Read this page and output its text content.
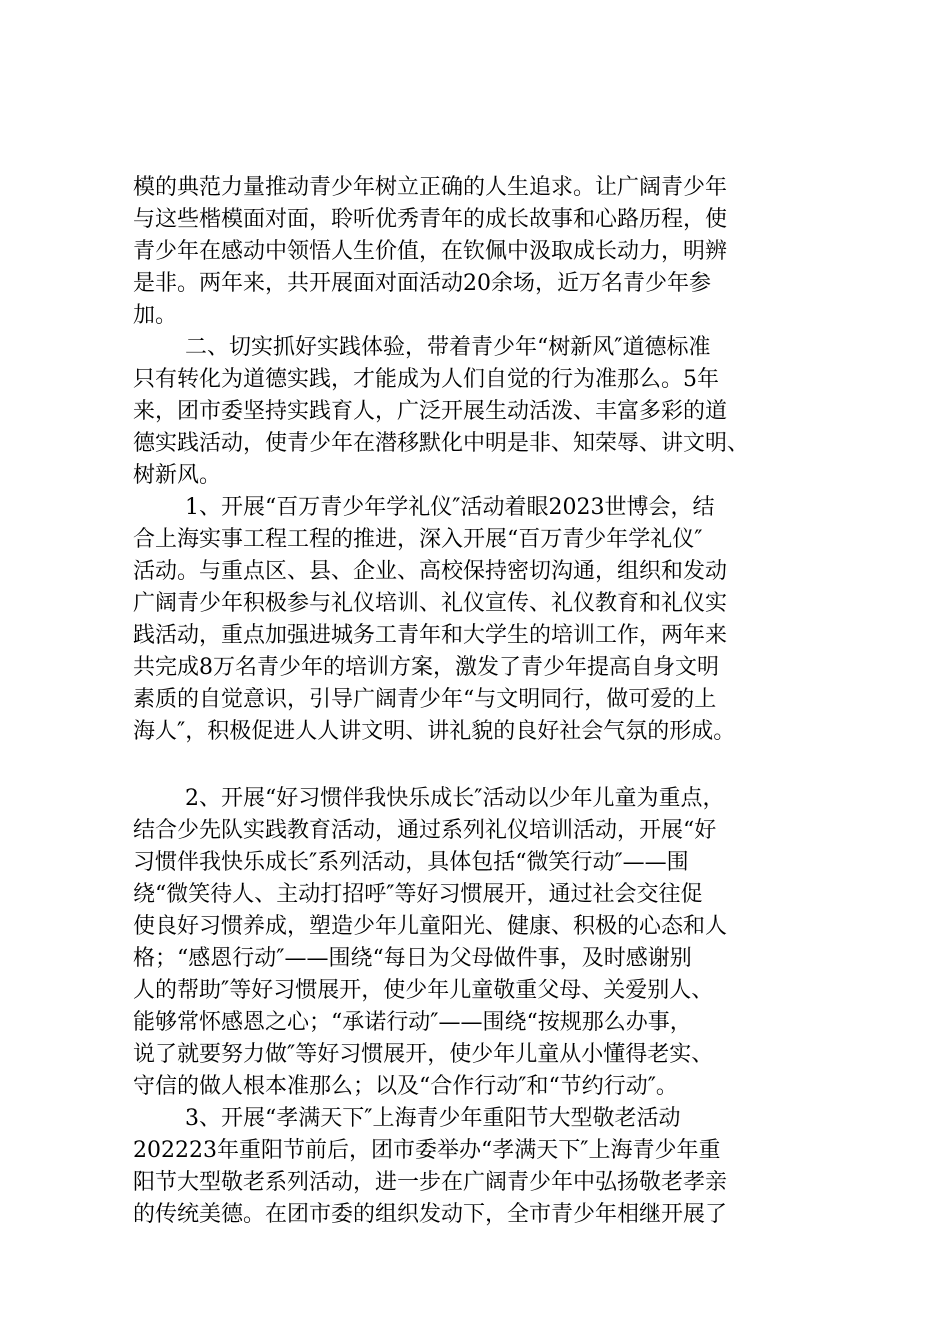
模的典范力量推动青少年树立正确的人生追求。让广阔青少年
与这些楷模面对面，聆听优秀青年的成长故事和心路历程，使
青少年在感动中领悟人生价值，在钦佩中汲取成长动力，明辨
是非。两年来，共开展面对面活动20余场，近万名青少年参
加。
二、切实抓好实践体验，带着青少年“树新风″道德标准
只有转化为道德实践，才能成为人们自觉的行为准那么。5年
来，团市委坚持实践育人，广泛开展生动活泼、丰富多彩的道
德实践活动，使青少年在潜移默化中明是非、知荣辱、讲文明、
树新风。
1、开展“百万青少年学礼仪″活动着眼2023世博会，结
合上海实事工程工程的推进，深入开展“百万青少年学礼仪″
活动。与重点区、县、企业、高校保持密切沟通，组织和发动
广阔青少年积极参与礼仪培训、礼仪宣传、礼仪教育和礼仪实
践活动，重点加强进城务工青年和大学生的培训工作，两年来
共完成8万名青少年的培训方案，激发了青少年提高自身文明
素质的自觉意识，引导广阔青少年“与文明同行，做可爱的上
海人″，积极促进人人讲文明、讲礼貌的良好社会气氛的形成。
2、开展“好习惯伴我快乐成长″活动以少年儿童为重点，
结合少先队实践教育活动，通过系列礼仪培训活动，开展“好
习惯伴我快乐成长″系列活动，具体包括“微笑行动″——围
绕“微笑待人、主动打招呼″等好习惯展开，通过社会交往促
使良好习惯养成，塑造少年儿童阳光、健康、积极的心态和人
格；“感恩行动″——围绕“每日为父母做件事，及时感谢别
人的帮助″等好习惯展开，使少年儿童敬重父母、关爱别人、
能够常怀感恩之心；“承诺行动″——围绕“按规那么办事，
说了就要努力做″等好习惯展开，使少年儿童从小懂得老实、
守信的做人根本准那么；以及“合作行动″和“节约行动″。
3、开展“孝满天下″上海青少年重阳节大型敬老活动
202223年重阳节前后，团市委举办“孝满天下″上海青少年重
阳节大型敬老系列活动，进一步在广阔青少年中弘扬敬老孝亲
的传统美德。在团市委的组织发动下，全市青少年相继开展了
